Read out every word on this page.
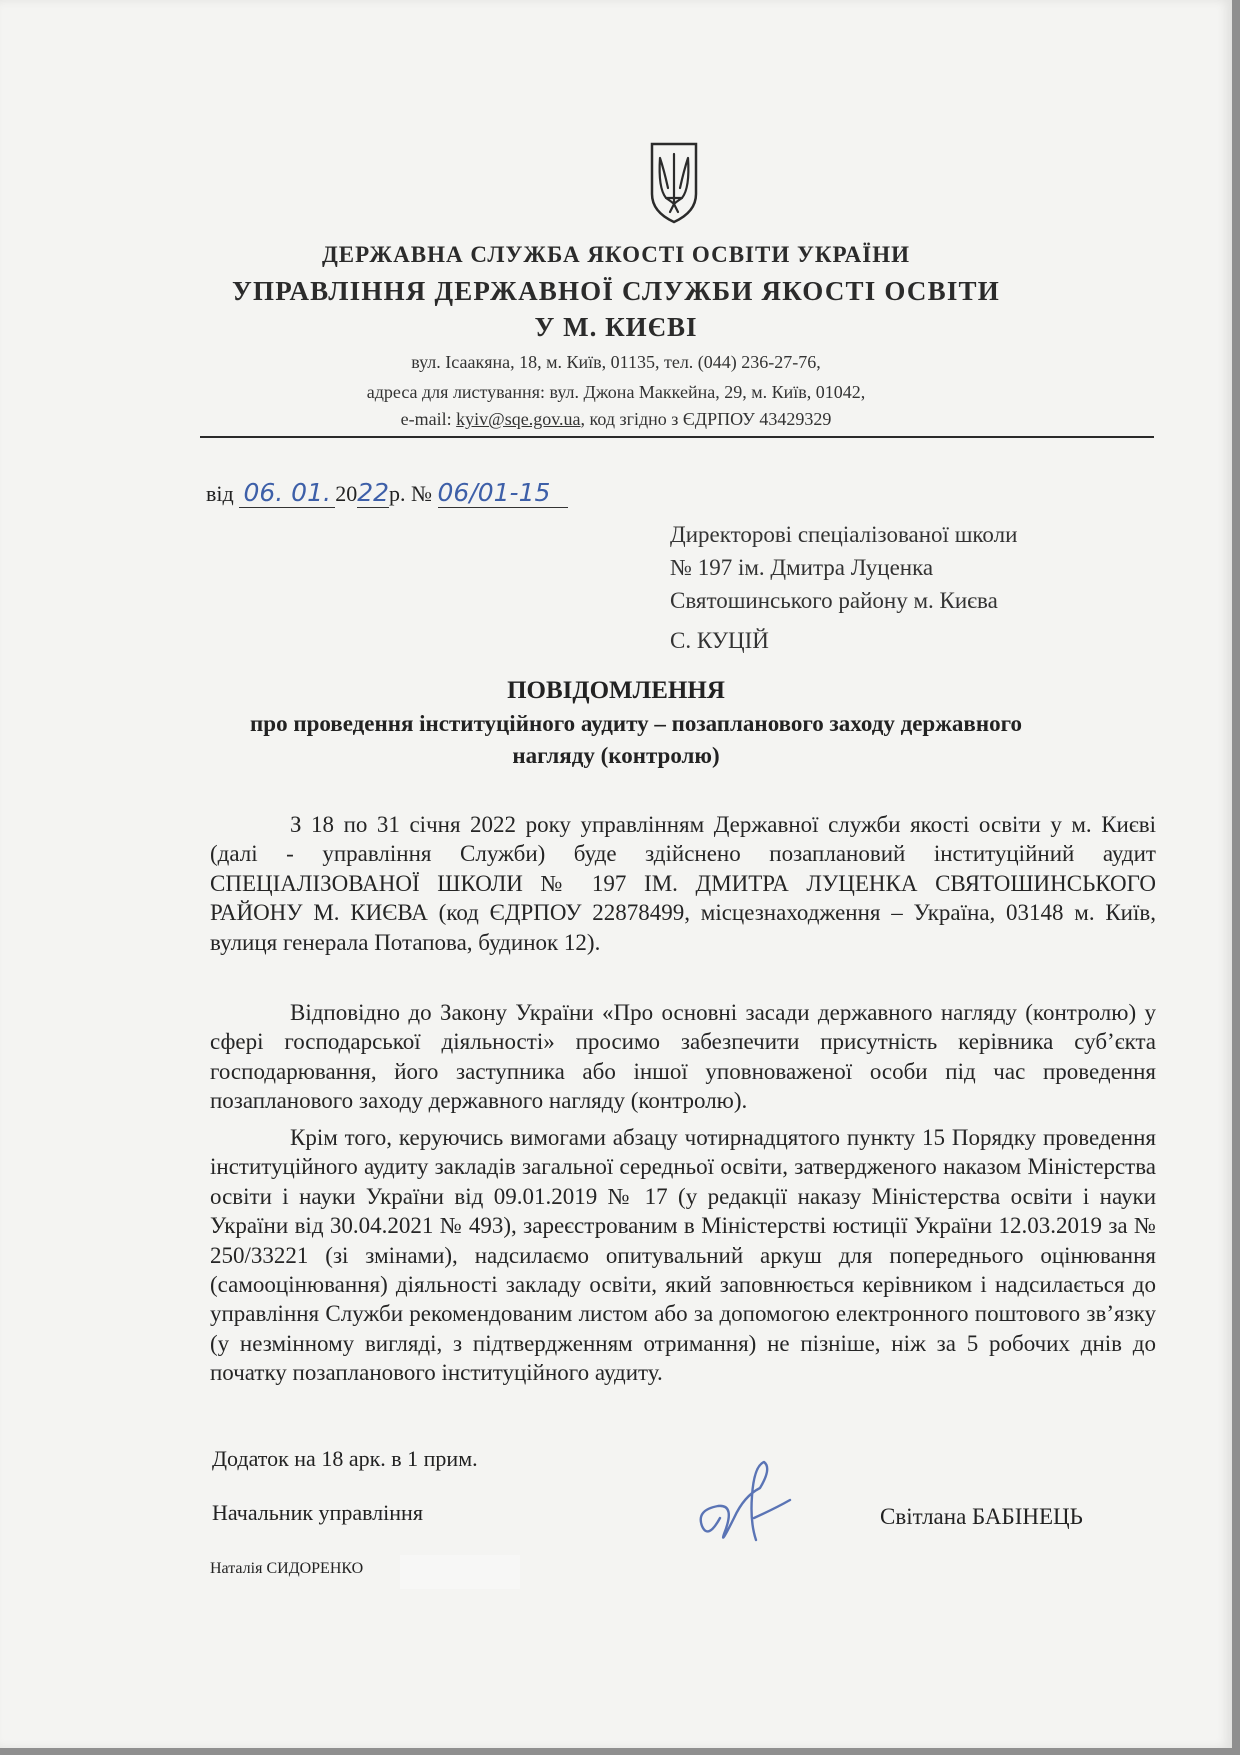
ДЕРЖАВНА СЛУЖБА ЯКОСТІ ОСВІТИ УКРАЇНИ

УПРАВЛІННЯ ДЕРЖАВНОЇ СЛУЖБИ ЯКОСТІ ОСВІТИ

У М. КИЄВІ

вул. Ісаакяна, 18, м. Київ, 01135, тел. (044) 236-27-76,

адреса для листування: вул. Джона Маккейна, 29, м. Київ, 01042,

e-mail: kyiv@sqe.gov.ua, код згідно з ЄДРПОУ 43429329

від 06. 01. 2022р. № 06/01-15

Директорові спеціалізованої школи

№ 197 ім. Дмитра Луценка

Святошинського району м. Києва

С. КУЦІЙ

ПОВІДОМЛЕННЯ

про проведення інституційного аудиту – позапланового заходу державного

нагляду (контролю)

З 18 по 31 січня 2022 року управлінням Державної служби якості освіти у м. Києві (далі - управління Служби) буде здійснено позаплановий інституційний аудит СПЕЦІАЛІЗОВАНОЇ ШКОЛИ № 197 ІМ. ДМИТРА ЛУЦЕНКА СВЯТОШИНСЬКОГО РАЙОНУ М. КИЄВА (код ЄДРПОУ 22878499, місцезнаходження – Україна, 03148 м. Київ, вулиця генерала Потапова, будинок 12).

Відповідно до Закону України «Про основні засади державного нагляду (контролю) у сфері господарської діяльності» просимо забезпечити присутність керівника суб’єкта господарювання, його заступника або іншої уповноваженої особи під час проведення позапланового заходу державного нагляду (контролю).

Крім того, керуючись вимогами абзацу чотирнадцятого пункту 15 Порядку проведення інституційного аудиту закладів загальної середньої освіти, затвердженого наказом Міністерства освіти і науки України від 09.01.2019 № 17 (у редакції наказу Міністерства освіти і науки України від 30.04.2021 № 493), зареєстрованим в Міністерстві юстиції України 12.03.2019 за № 250/33221 (зі змінами), надсилаємо опитувальний аркуш для попереднього оцінювання (самооцінювання) діяльності закладу освіти, який заповнюється керівником і надсилається до управління Служби рекомендованим листом або за допомогою електронного поштового зв’язку (у незмінному вигляді, з підтвердженням отримання) не пізніше, ніж за 5 робочих днів до початку позапланового інституційного аудиту.

Додаток на 18 арк. в 1 прим.

Начальник управління	Світлана БАБІНЕЦЬ

Наталія СИДОРЕНКО
